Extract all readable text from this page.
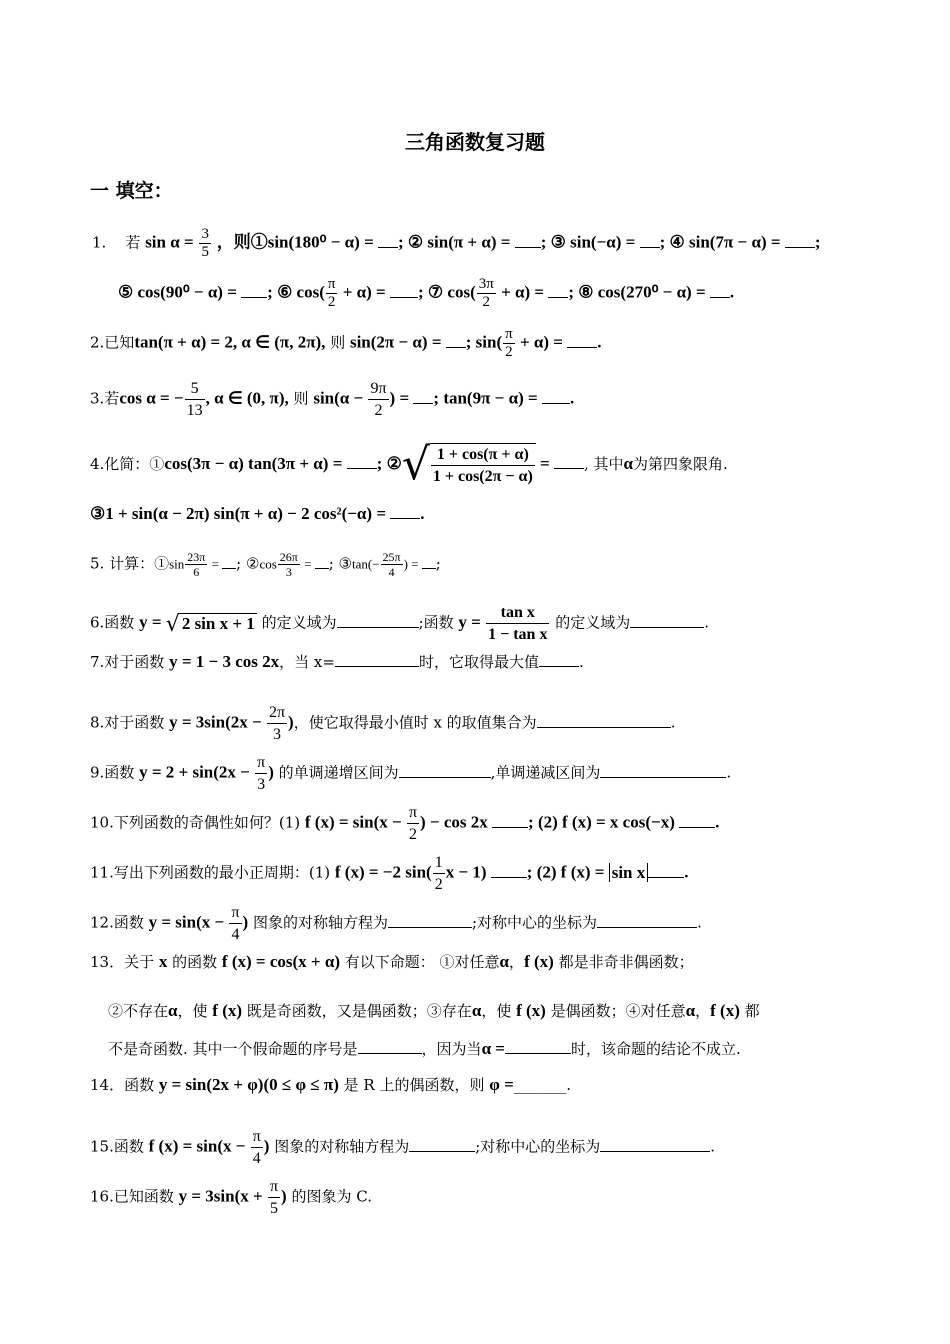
三角函数复习题
一 填空：
1. 若 $\sin \alpha = \frac{3}{5}$ ，则①sin(180⁰ − α) = ; ② sin(π + α) = ; ③ sin(−α) = ; ④ sin(7π − α) = ;
⑤ cos(90⁰ − α) = ; ⑥ $\cos( \frac{\pi}{2} + \alpha)$ = ; ⑦ $\cos( \frac{3\pi}{2} + \alpha)$ = ; ⑧ cos(270⁰ − α) = .
2.已知tan(π + α) = 2, α ∈ (π, 2π), 则 sin(2π − α) = ; $\sin( \frac{\pi}{2} + \alpha)$ = .
3.若cos α = − $\frac{5}{13}$ , α ∈ (0, π), 则 $\sin(\alpha - \frac{9\pi}{2}$ ) = ; tan(9π − α) = .
4.化简：①cos(3π − α) tan(3π + α) = ; ②√ $\frac{1 + \cos(\pi + \alpha)}{1 + \cos(2\pi - \alpha)}$ = , 其中α为第四象限角.
③1 + sin(α − 2π) sin(π + α) − 2 cos²(−α) = .
5. 计算：①sin $\frac{23\pi}{6}$ = ; ②cos $\frac{26\pi}{3}$ = ; ③tan(− $\frac{25\pi}{4}$ ) = ;
6.函数 y = √ 2 sin x + 1 的定义域为	;函数 $y = \frac{\text{tan x}}{\text{1 − tan x}}$ 的定义域为	.
7.对于函数 y = 1 − 3 cos 2x，当 x=	时，它取得最大值	.
8.对于函数 $y = 3\sin(2x - \frac{2\pi}{3}$ )，使它取得最小值时 x 的取值集合为	.
9.函数 $y = 2 + \sin(2x - \frac{\pi}{3}$ ) 的单调递增区间为	,单调递减区间为	.
10.下列函数的奇偶性如何？(1) f $(x) = \sin(x - \frac{\pi}{2}$ ) − cos 2x ; (2) f (x) = x cos(−x) .
11.写出下列函数的最小正周期：(1) f (x) = −2 $\sin( \frac{1}{2}$ x − 1) ; (2) f (x) = sin x .
12.函数 $y = \sin(x - \frac{\pi}{4}$ ) 图象的对称轴方程为	;对称中心的坐标为	.
13．关于 x 的函数 f (x) = cos(x + α) 有以下命题： ①对任意α，f (x) 都是非奇非偶函数；
②不存在α，使 f (x) 既是奇函数，又是偶函数；③存在α，使 f (x) 是偶函数；④对任意α，f (x) 都
不是奇函数. 其中一个假命题的序号是	，因为当α =	时，该命题的结论不成立.
14．函数 y = sin(2x + φ)(0 ≤ φ ≤ π) 是 R 上的偶函数，则 φ =_______.
15.函数 f $(x) = \sin(x - \frac{\pi}{4}$ ) 图象的对称轴方程为	;对称中心的坐标为	.
16.已知函数 $y = 3\sin(x + \frac{\pi}{5}$ ) 的图象为 C.
